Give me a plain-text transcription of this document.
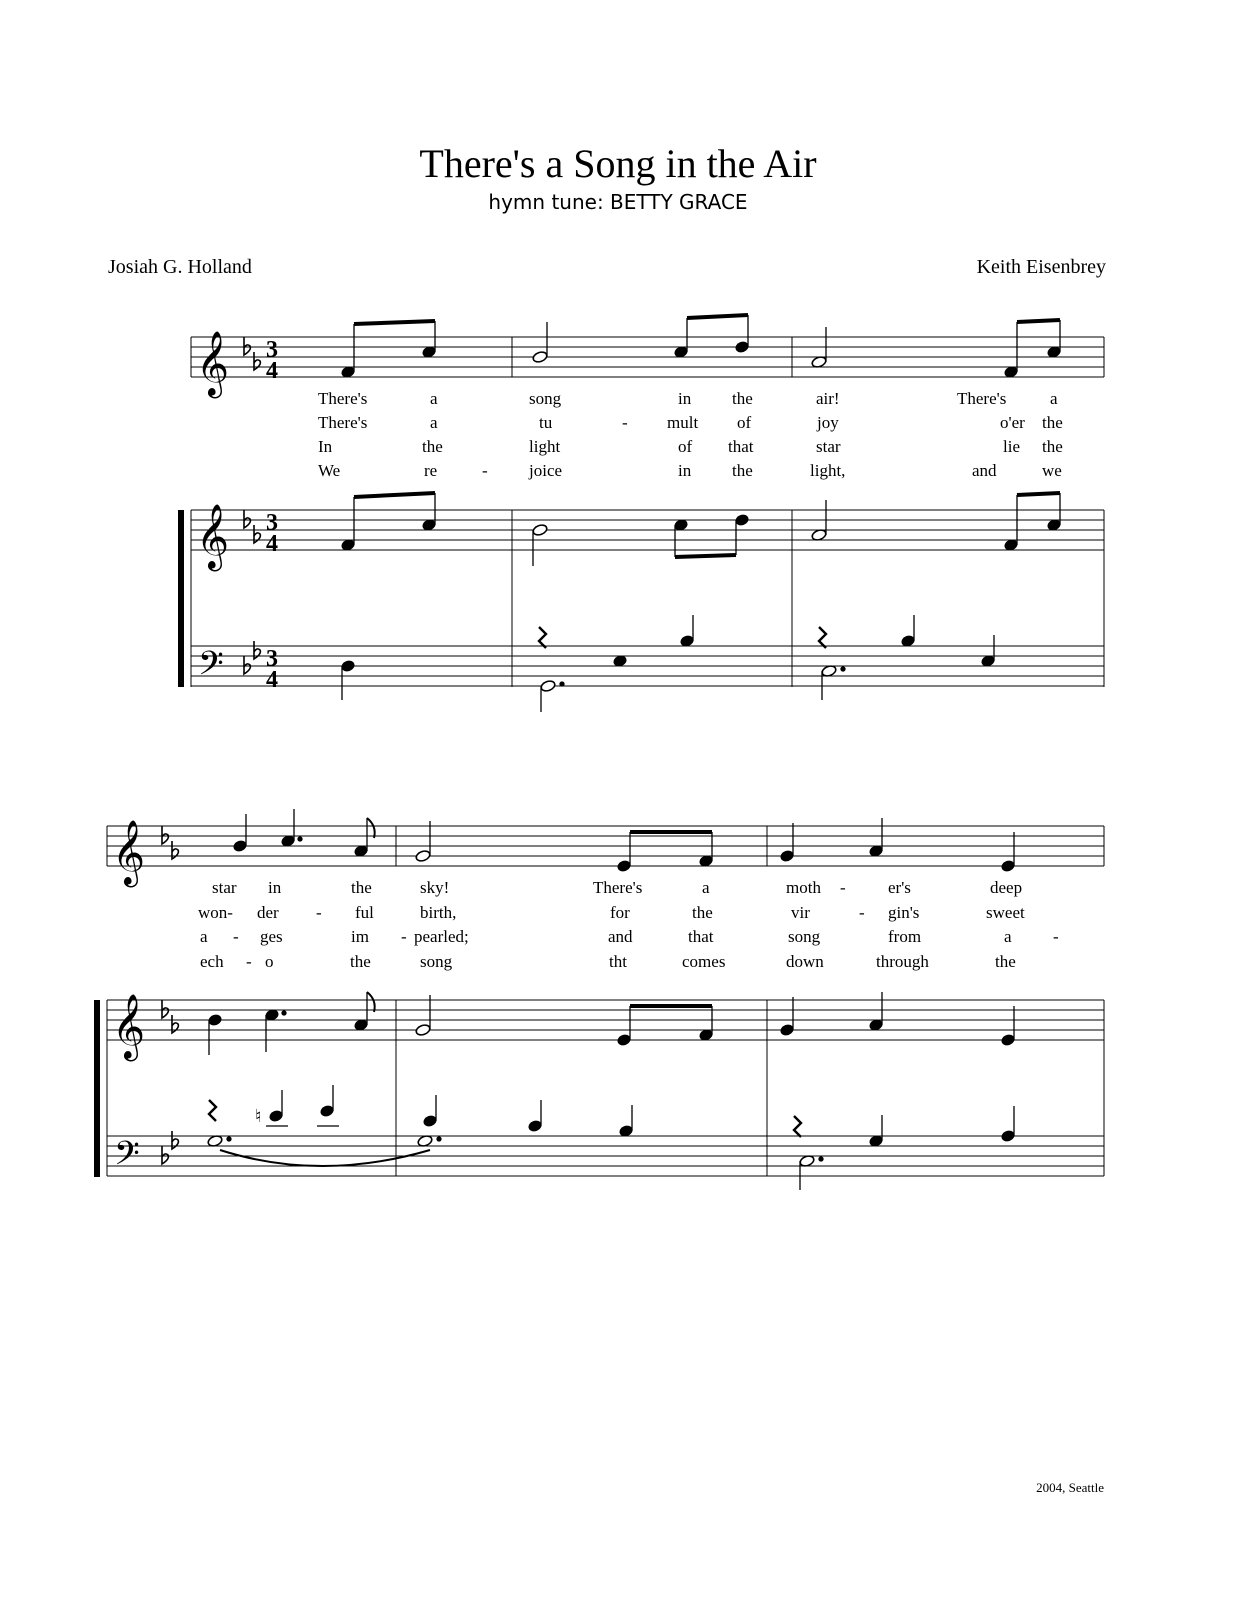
There's a Song in the Air
hymn tune: BETTY GRACE
Josiah G. Holland	Keith Eisenbrey
2004, Seattle
𝄞 3
4
There's	a	song	in the	air!	There's	a
There's	a	tu	- mult of	joy	o'er the
In	the	light	of that	star	lie the
We	re	- joice	in the	light,	and	we
𝄞 3
4
𝄢 3
4
𝄞
star in	the	sky!	There's	a	moth - er's	deep
won- der - ful	birth,	for	the	vir	- gin's	sweet
a - ges	im - pearled;	and	that	song	from	a -
ech - o	the	song	tht	comes	down	through	the
𝄞
𝄢
♮
